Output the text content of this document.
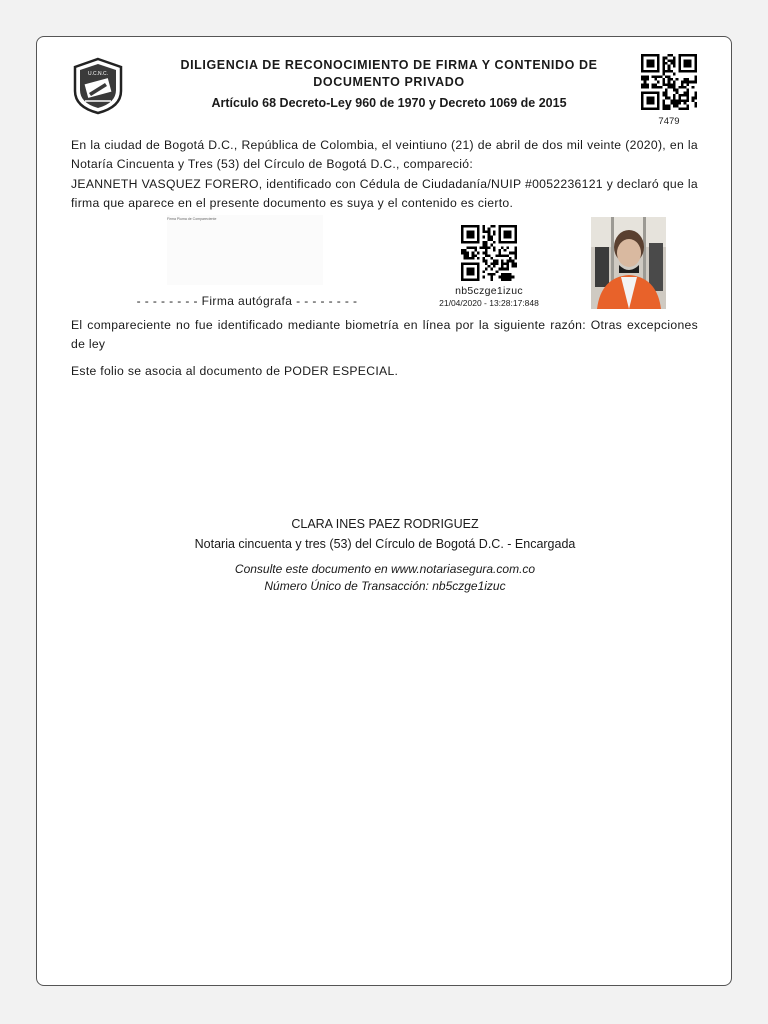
U.C.N.C.
DILIGENCIA DE RECONOCIMIENTO DE FIRMA Y CONTENIDO DE DOCUMENTO PRIVADO
Artículo 68 Decreto-Ley 960 de 1970 y Decreto 1069 de 2015
7479
En la ciudad de Bogotá D.C., República de Colombia, el veintiuno (21) de abril de dos mil veinte (2020), en la Notaría Cincuenta y Tres (53) del Círculo de Bogotá D.C., compareció:
JEANNETH VASQUEZ FORERO, identificado con Cédula de Ciudadanía/NUIP #0052236121 y declaró que la firma que aparece en el presente documento es suya y el contenido es cierto.
Firma Pluma de Compareciente
- - - - - - - - Firma autógrafa - - - - - - - -
nb5czge1izuc
21/04/2020 - 13:28:17:848
El compareciente no fue identificado mediante biometría en línea por la siguiente razón: Otras excepciones de ley
Este folio se asocia al documento de PODER ESPECIAL.
CLARA INES PAEZ RODRIGUEZ
Notaria cincuenta y tres (53) del Círculo de Bogotá D.C. - Encargada
Consulte este documento en www.notariasegura.com.co
Número Único de Transacción: nb5czge1izuc
